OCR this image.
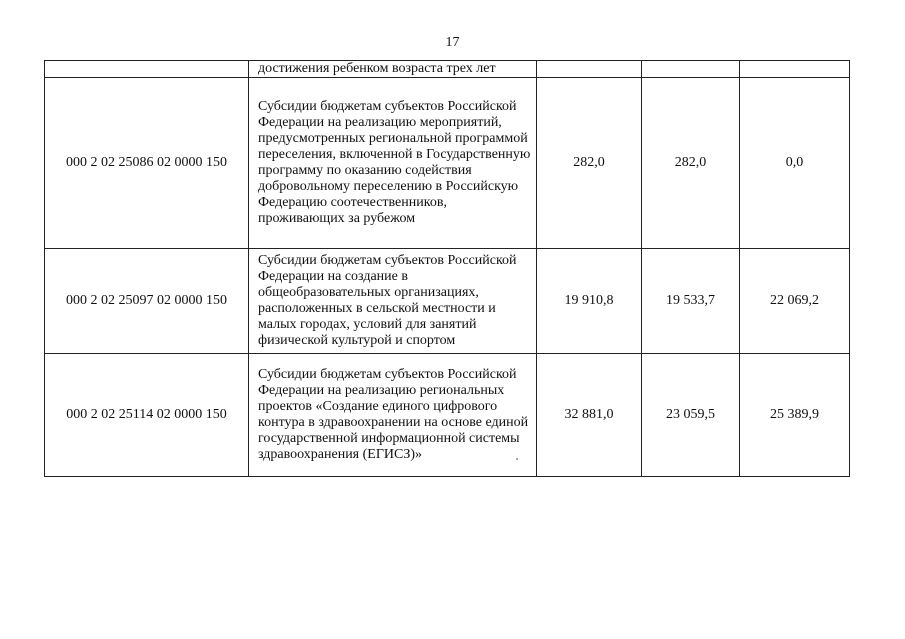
17
	достижения ребенком возраста трех лет			
000 2 02 25086 02 0000 150	Субсидии бюджетам субъектов Российской Федерации на реализацию мероприятий, предусмотренных региональной программой переселения, включенной в Государственную программу по оказанию содействия добровольному переселению в Российскую Федерацию соотечественников, проживающих за рубежом	282,0	282,0	0,0
000 2 02 25097 02 0000 150	Субсидии бюджетам субъектов Российской Федерации на создание в общеобразовательных организациях, расположенных в сельской местности и малых городах, условий для занятий физической культурой и спортом	19 910,8	19 533,7	22 069,2
000 2 02 25114 02 0000 150	Субсидии бюджетам субъектов Российской Федерации на реализацию региональных проектов «Создание единого цифрового контура в здравоохранении на основе единой государственной информационной системы здравоохранения (ЕГИСЗ)»	32 881,0	23 059,5	25 389,9
